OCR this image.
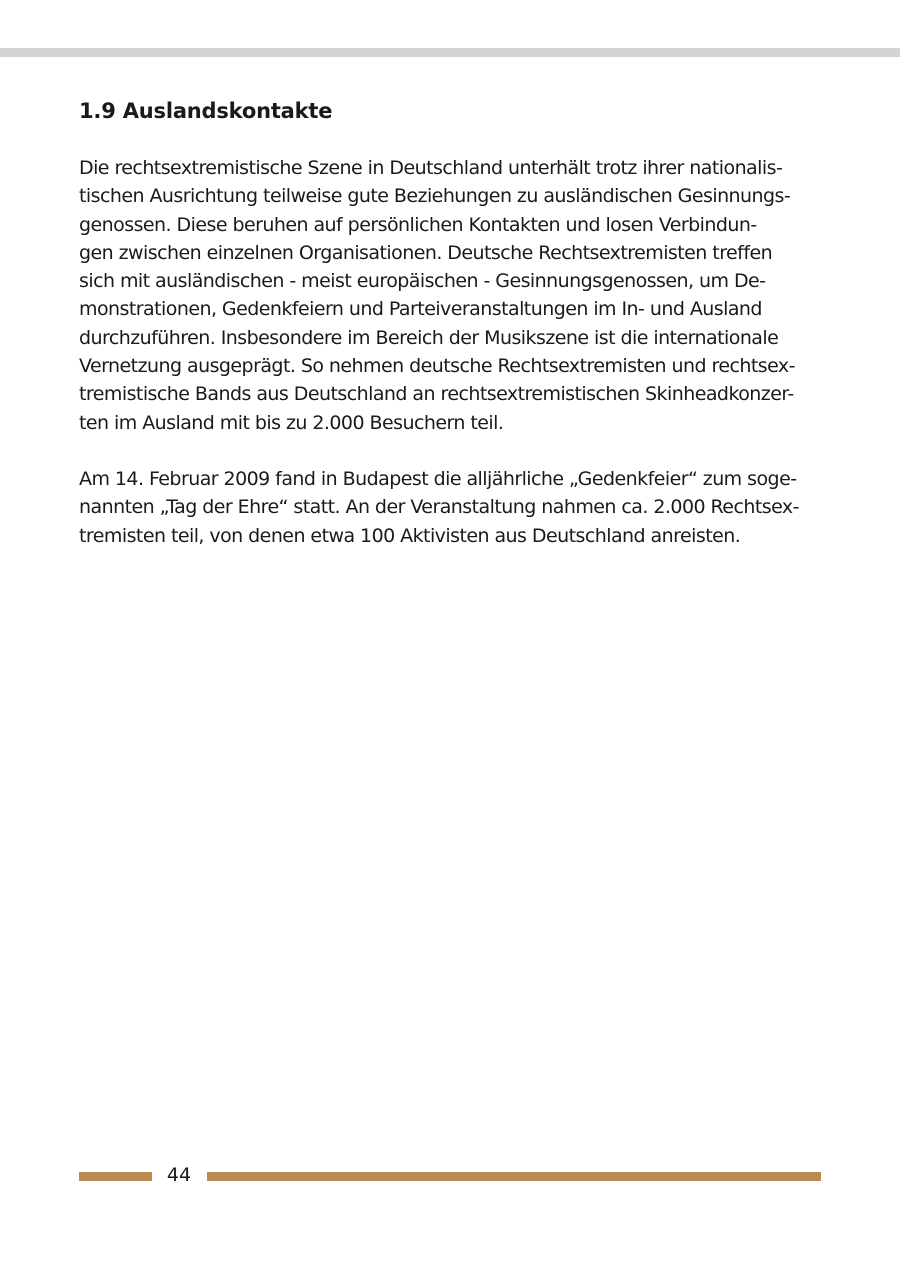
1.9 Auslandskontakte

Die rechtsextremistische Szene in Deutschland unterhält trotz ihrer nationalis-
tischen Ausrichtung teilweise gute Beziehungen zu ausländischen Gesinnungs-
genossen. Diese beruhen auf persönlichen Kontakten und losen Verbindun-
gen zwischen einzelnen Organisationen. Deutsche Rechtsextremisten treffen
sich mit ausländischen - meist europäischen - Gesinnungsgenossen, um De-
monstrationen, Gedenkfeiern und Parteiveranstaltungen im In- und Ausland
durchzuführen. Insbesondere im Bereich der Musikszene ist die internationale
Vernetzung ausgeprägt. So nehmen deutsche Rechtsextremisten und rechtsex-
tremistische Bands aus Deutschland an rechtsextremistischen Skinheadkonzer-
ten im Ausland mit bis zu 2.000 Besuchern teil.

Am 14. Februar 2009 fand in Budapest die alljährliche „Gedenkfeier“ zum soge-
nannten „Tag der Ehre“ statt. An der Veranstaltung nahmen ca. 2.000 Rechtsex-
tremisten teil, von denen etwa 100 Aktivisten aus Deutschland anreisten.

44
